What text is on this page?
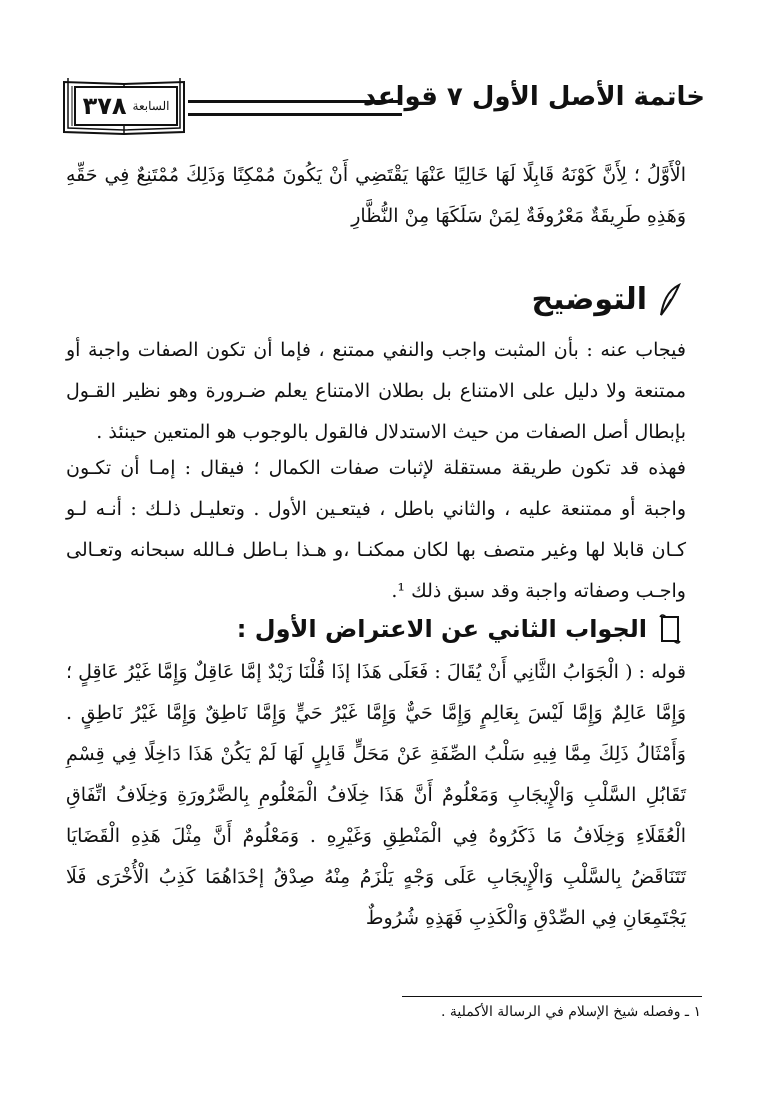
السابعة
٣٧٨	خاتمة الأصل الأول ٧ قواعد
الْأَوَّلُ ؛ لِأَنَّ كَوْنَهُ قَابِلًا لَهَا خَالِيًا عَنْهَا يَقْتَضِي أَنْ يَكُونَ مُمْكِنًا وَذَلِكَ مُمْتَنِعٌ فِي حَقِّهِ وَهَذِهِ طَرِيقَةٌ مَعْرُوفَةٌ لِمَنْ سَلَكَهَا مِنْ النُّظَّارِ
التوضيح
فيجاب عنه : بأن المثبت واجب والنفي ممتنع ، فإما أن تكون الصفات واجبة أو ممتنعة ولا دليل على الامتناع بل بطلان الامتناع يعلم ضـرورة وهو نظير القـول بإبطال أصل الصفات من حيث الاستدلال فالقول بالوجوب هو المتعين حينئذ .
فهذه قد تكون طريقة مستقلة لإثبات صفات الكمال ؛ فيقال : إمـا أن تكـون واجبة أو ممتنعة عليه ، والثاني باطل ، فيتعـين الأول . وتعليـل ذلـك : أنـه لـو كـان قابلا لها وغير متصف بها لكان ممكنـا ،و هـذا بـاطل فـالله سبحانه وتعـالى واجـب وصفاته واجبة وقد سبق ذلك ¹.
الجواب الثاني عن الاعتراض الأول :
قوله : ( الْجَوَابُ الثَّانِي أَنْ يُقَالَ : فَعَلَى هَذَا إذَا قُلْنَا زَيْدٌ إمَّا عَاقِلٌ وَإِمَّا غَيْرُ عَاقِلٍ ؛ وَإِمَّا عَالِمٌ وَإِمَّا لَيْسَ بِعَالِمٍ وَإِمَّا حَيٌّ وَإِمَّا غَيْرُ حَيٍّ وَإِمَّا نَاطِقٌ وَإِمَّا غَيْرُ نَاطِقٍ . وَأَمْثَالُ ذَلِكَ مِمَّا فِيهِ سَلْبُ الصِّفَةِ عَنْ مَحَلٍّ قَابِلٍ لَهَا لَمْ يَكُنْ هَذَا دَاخِلًا فِي قِسْمِ تَقَابُلِ السَّلْبِ وَالْإِيجَابِ وَمَعْلُومٌ أَنَّ هَذَا خِلَافُ الْمَعْلُومِ بِالضَّرُورَةِ وَخِلَافُ اتِّفَاقِ الْعُقَلَاءِ وَخِلَافُ مَا ذَكَرُوهُ فِي الْمَنْطِقِ وَغَيْرِهِ . وَمَعْلُومٌ أَنَّ مِثْلَ هَذِهِ الْقَضَايَا تَتَنَاقَضُ بِالسَّلْبِ وَالْإِيجَابِ عَلَى وَجْهٍ يَلْزَمُ مِنْهُ صِدْقُ إحْدَاهُمَا كَذِبُ الْأُخْرَى فَلَا يَجْتَمِعَانِ فِي الصِّدْقِ وَالْكَذِبِ فَهَذِهِ شُرُوطٌ
١ ـ وفصله شيخ الإسلام في الرسالة الأكملية .
